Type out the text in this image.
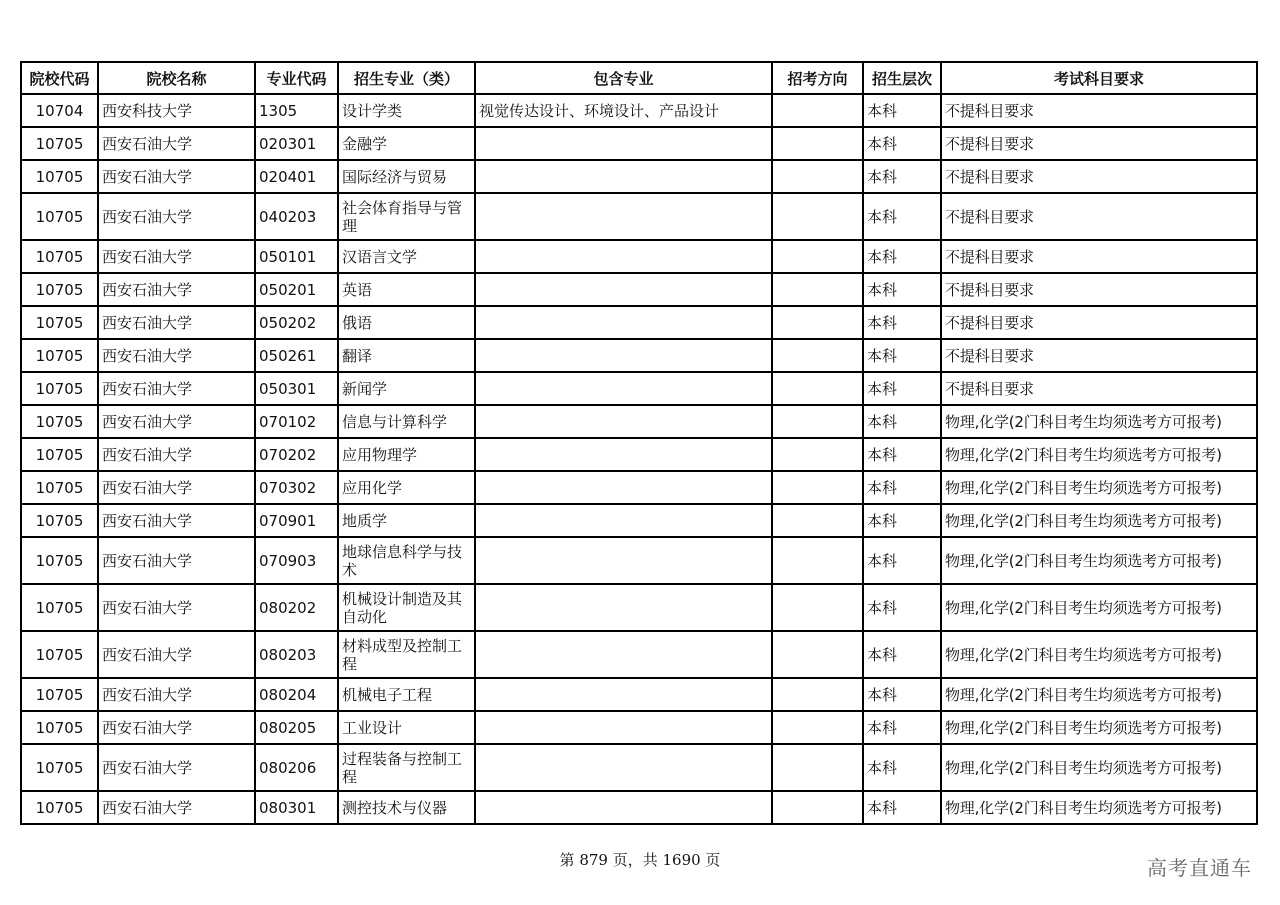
院校代码	院校名称	专业代码	招生专业（类）	包含专业	招考方向	招生层次	考试科目要求
10704	西安科技大学	1305	设计学类	视觉传达设计、环境设计、产品设计		本科	不提科目要求
10705	西安石油大学	020301	金融学			本科	不提科目要求
10705	西安石油大学	020401	国际经济与贸易			本科	不提科目要求
10705	西安石油大学	040203	社会体育指导与管理			本科	不提科目要求
10705	西安石油大学	050101	汉语言文学			本科	不提科目要求
10705	西安石油大学	050201	英语			本科	不提科目要求
10705	西安石油大学	050202	俄语			本科	不提科目要求
10705	西安石油大学	050261	翻译			本科	不提科目要求
10705	西安石油大学	050301	新闻学			本科	不提科目要求
10705	西安石油大学	070102	信息与计算科学			本科	物理,化学(2门科目考生均须选考方可报考)
10705	西安石油大学	070202	应用物理学			本科	物理,化学(2门科目考生均须选考方可报考)
10705	西安石油大学	070302	应用化学			本科	物理,化学(2门科目考生均须选考方可报考)
10705	西安石油大学	070901	地质学			本科	物理,化学(2门科目考生均须选考方可报考)
10705	西安石油大学	070903	地球信息科学与技术			本科	物理,化学(2门科目考生均须选考方可报考)
10705	西安石油大学	080202	机械设计制造及其自动化			本科	物理,化学(2门科目考生均须选考方可报考)
10705	西安石油大学	080203	材料成型及控制工程			本科	物理,化学(2门科目考生均须选考方可报考)
10705	西安石油大学	080204	机械电子工程			本科	物理,化学(2门科目考生均须选考方可报考)
10705	西安石油大学	080205	工业设计			本科	物理,化学(2门科目考生均须选考方可报考)
10705	西安石油大学	080206	过程装备与控制工程			本科	物理,化学(2门科目考生均须选考方可报考)
10705	西安石油大学	080301	测控技术与仪器			本科	物理,化学(2门科目考生均须选考方可报考)
第 879 页，共 1690 页	高考直通车
